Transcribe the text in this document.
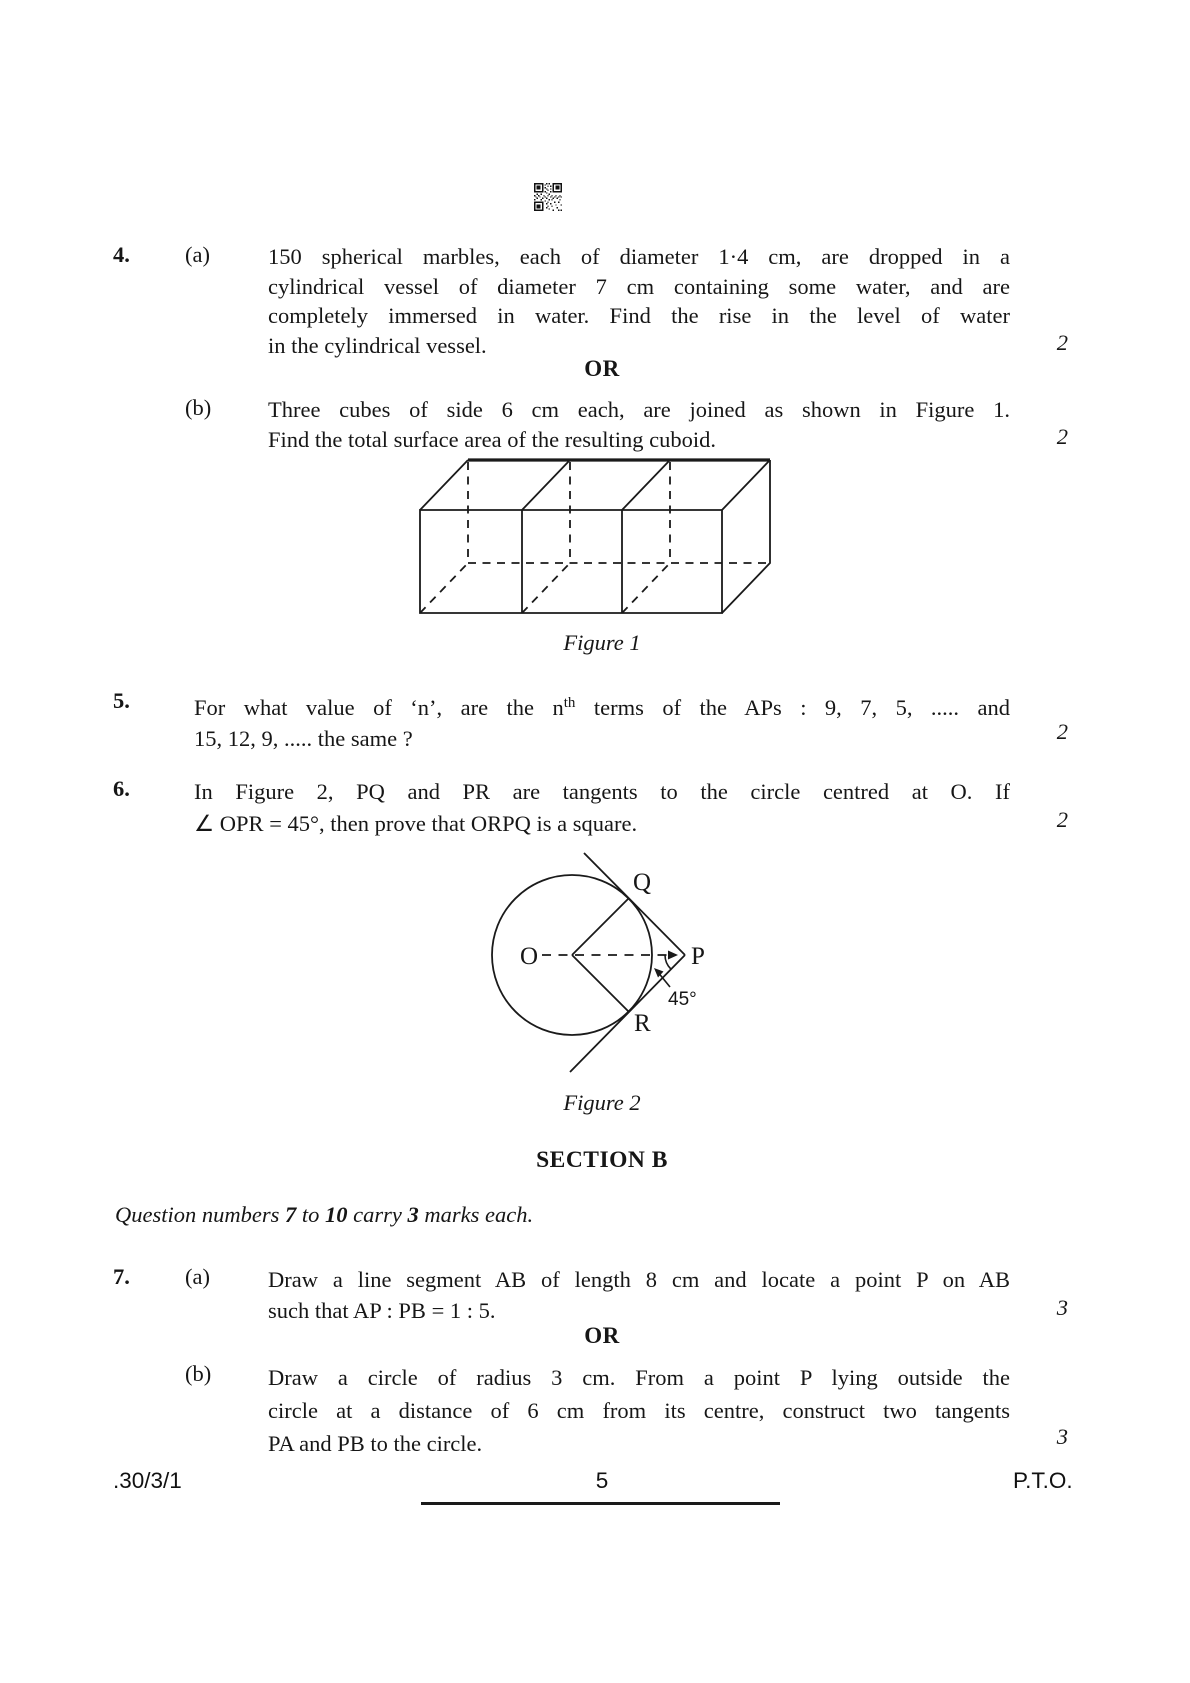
4. (a)	150 spherical marbles, each of diameter 1·4 cm, are dropped in a
cylindrical vessel of diameter 7 cm containing some water, and are
completely immersed in water. Find the rise in the level of water
in the cylindrical vessel.	2
OR
(b)	Three cubes of side 6 cm each, are joined as shown in Figure 1.
Find the total surface area of the resulting cuboid.	2
Figure 1
5.	For what value of ‘n’, are the $n^{th}$ terms of the APs : 9, 7, 5, ..... and
15, 12, 9, ..... the same ?	2
6.	In Figure 2, PQ and PR are tangents to the circle centred at O. If
∠ OPR = 45°, then prove that ORPQ is a square.	2
O
Q
P
R
45°
Figure 2
SECTION B
Question numbers 7 to 10 carry 3 marks each.
7. (a)	Draw a line segment AB of length 8 cm and locate a point P on AB
such that AP : PB = 1 : 5.	3
OR
(b)	Draw a circle of radius 3 cm. From a point P lying outside the
circle at a distance of 6 cm from its centre, construct two tangents
PA and PB to the circle.	3
.30/3/1	5	P.T.O.
